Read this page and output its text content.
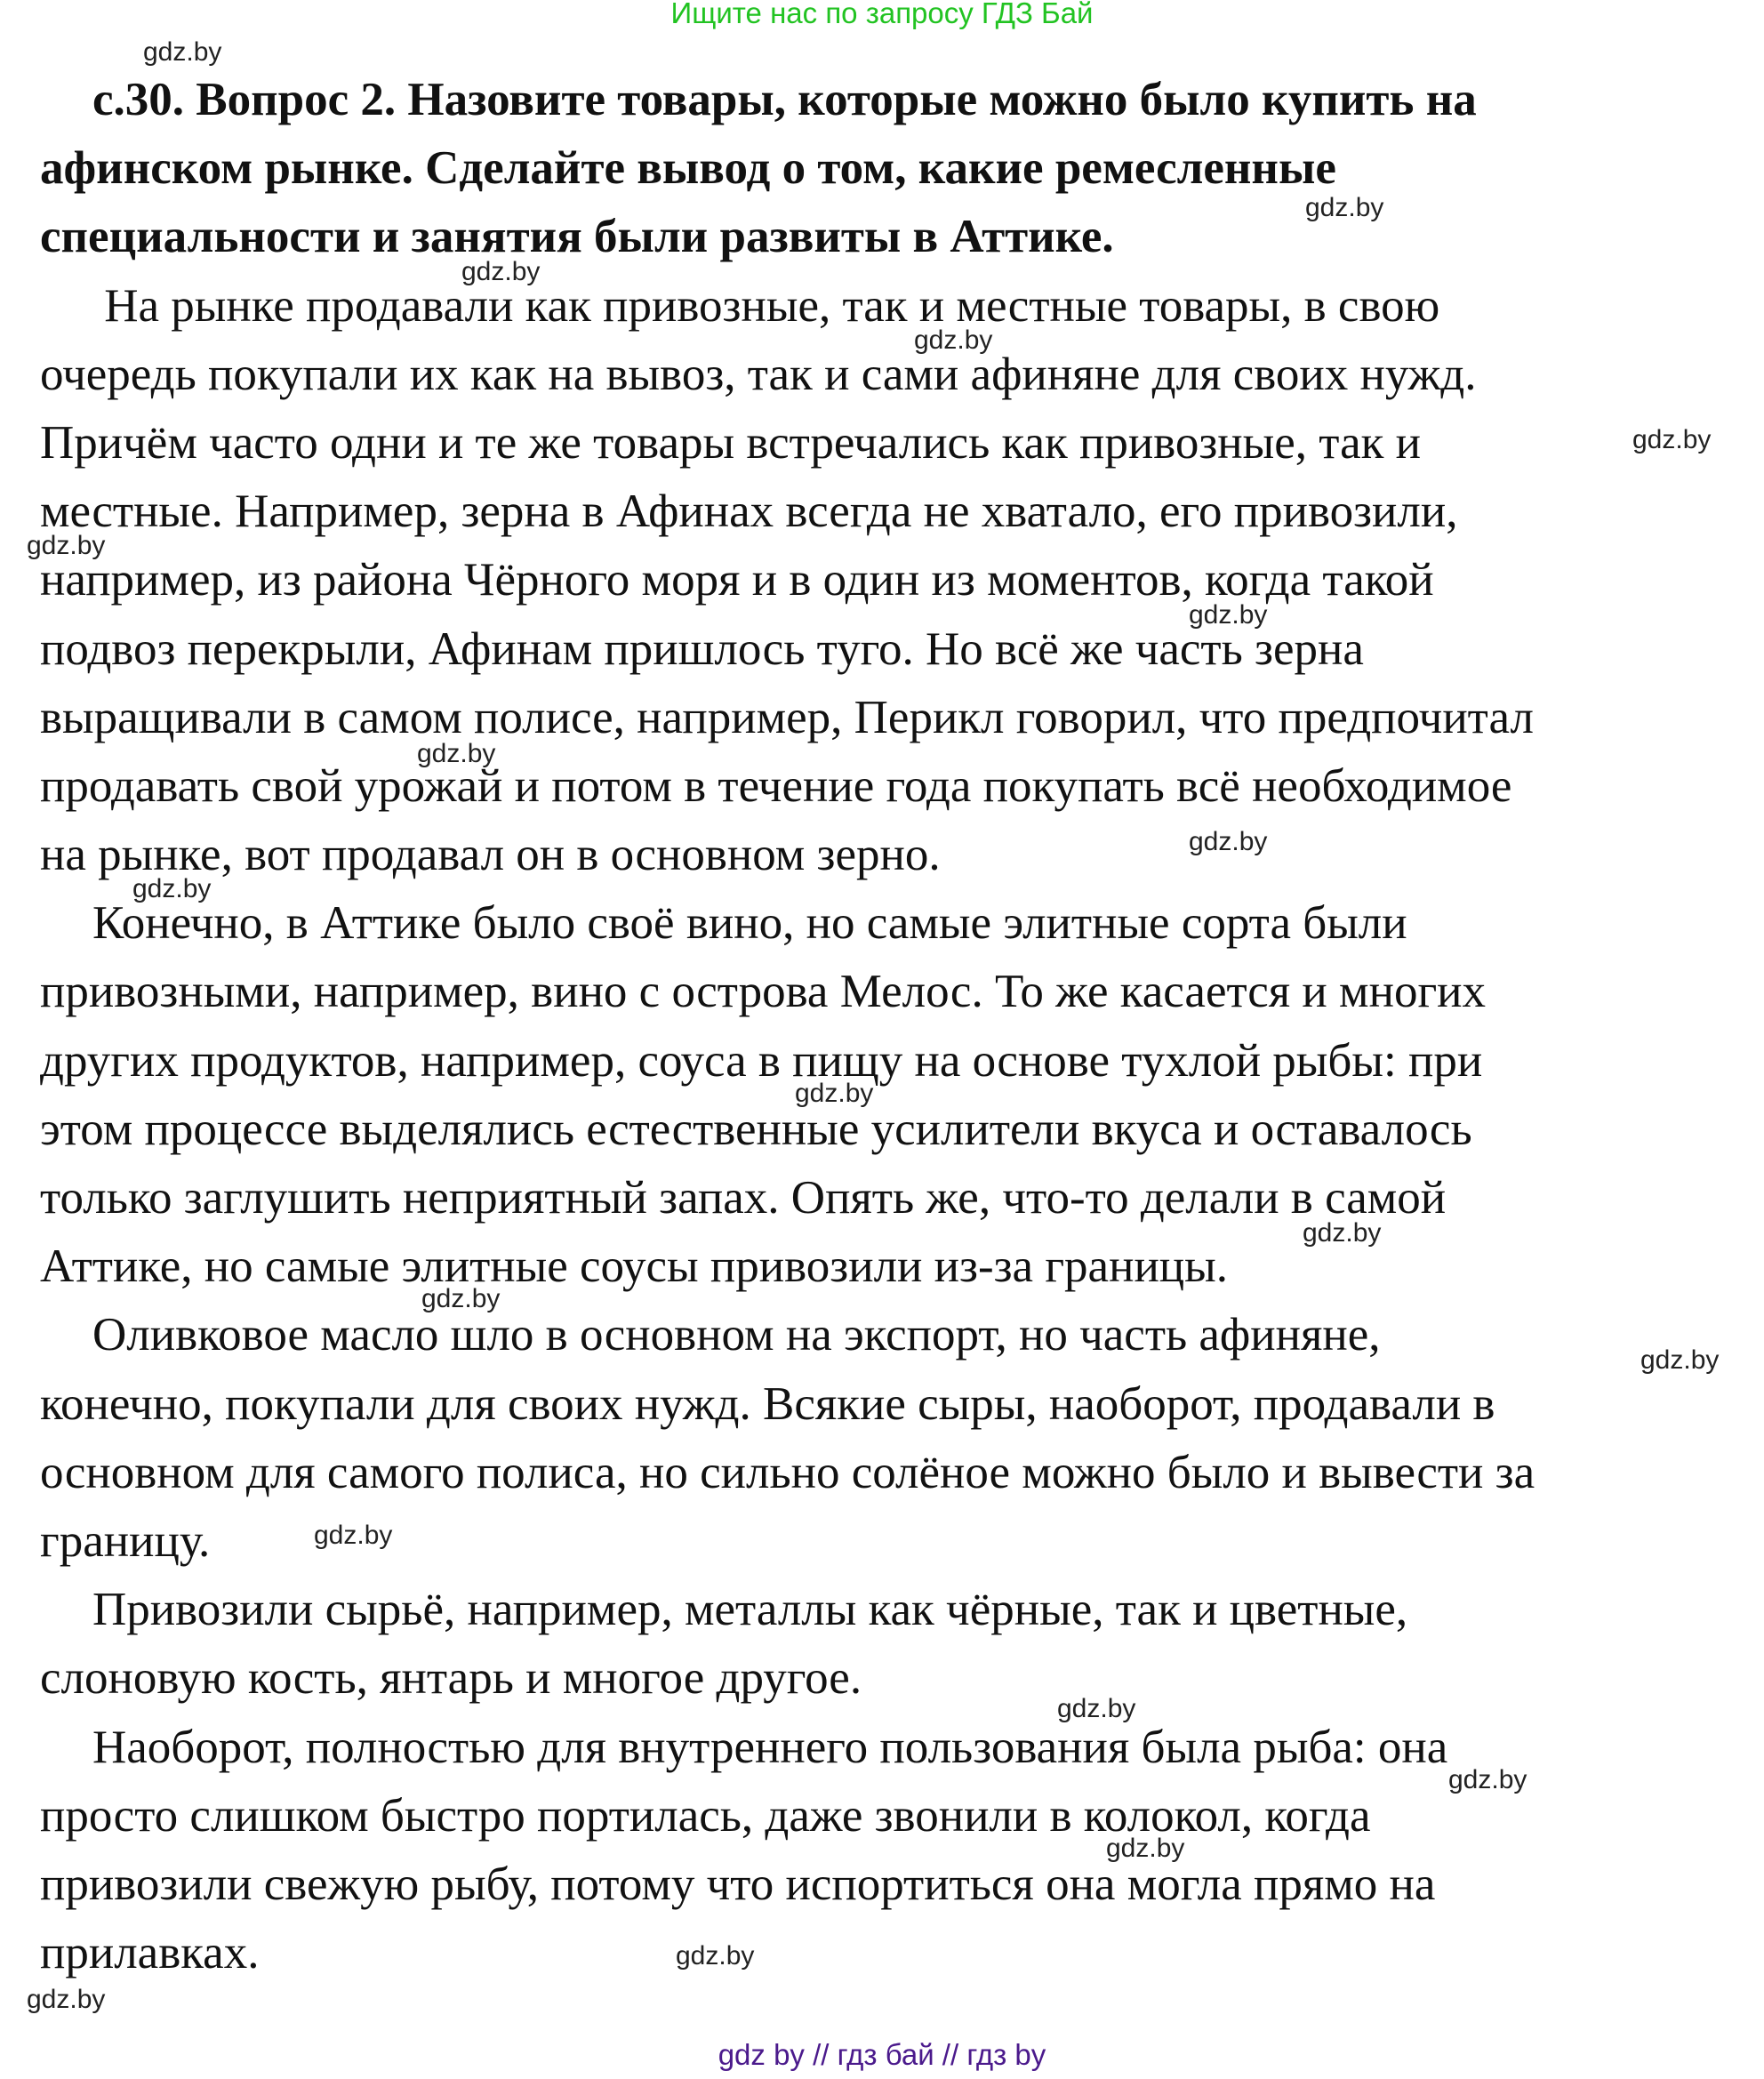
Ищите нас по запросу ГДЗ Бай
с.30. Вопрос 2. Назовите товары, которые можно было купить на
афинском рынке. Сделайте вывод о том, какие ремесленные
специальности и занятия были развиты в Аттике.
На рынке продавали как привозные, так и местные товары, в свою
очередь покупали их как на вывоз, так и сами афиняне для своих нужд.
Причём часто одни и те же товары встречались как привозные, так и
местные. Например, зерна в Афинах всегда не хватало, его привозили,
например, из района Чёрного моря и в один из моментов, когда такой
подвоз перекрыли, Афинам пришлось туго. Но всё же часть зерна
выращивали в самом полисе, например, Перикл говорил, что предпочитал
продавать свой урожай и потом в течение года покупать всё необходимое
на рынке, вот продавал он в основном зерно.
Конечно, в Аттике было своё вино, но самые элитные сорта были
привозными, например, вино с острова Мелос. То же касается и многих
других продуктов, например, соуса в пищу на основе тухлой рыбы: при
этом процессе выделялись естественные усилители вкуса и оставалось
только заглушить неприятный запах. Опять же, что-то делали в самой
Аттике, но самые элитные соусы привозили из-за границы.
Оливковое масло шло в основном на экспорт, но часть афиняне,
конечно, покупали для своих нужд. Всякие сыры, наоборот, продавали в
основном для самого полиса, но сильно солёное можно было и вывести за
границу.
Привозили сырьё, например, металлы как чёрные, так и цветные,
слоновую кость, янтарь и многое другое.
Наоборот, полностью для внутреннего пользования была рыба: она
просто слишком быстро портилась, даже звонили в колокол, когда
привозили свежую рыбу, потому что испортиться она могла прямо на
прилавках.
gdz.by
gdz.by
gdz.by
gdz.by
gdz.by
gdz.by
gdz.by
gdz.by
gdz.by
gdz.by
gdz.by
gdz.by
gdz.by
gdz.by
gdz.by
gdz.by
gdz.by
gdz.by
gdz.by
gdz.by
gdz by // гдз бай // гдз by
